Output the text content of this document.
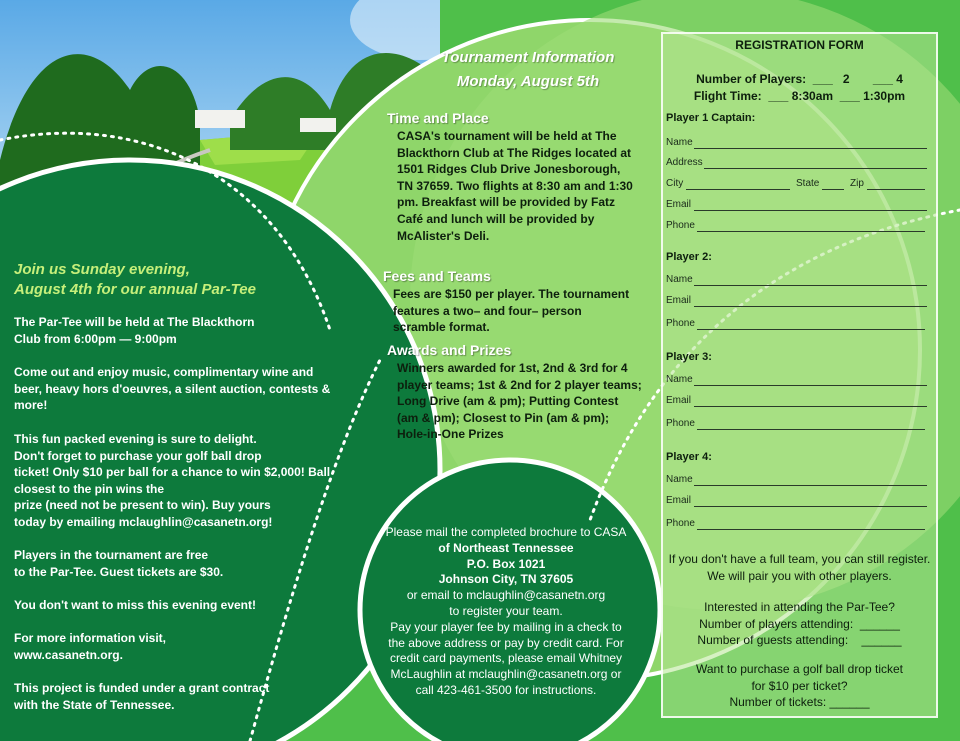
Join us Sunday evening,
August 4th for our annual Par-Tee
The Par-Tee will be held at The Blackthorn
Club from 6:00pm — 9:00pm
Come out and enjoy music, complimentary wine and
beer, heavy hors d'oeuvres, a silent auction, contests &
more!
This fun packed evening is sure to delight.
Don't forget to purchase your golf ball drop
ticket! Only $10 per ball for a chance to win $2,000! Ball
closest to the pin wins the
prize (need not be present to win). Buy yours
today by emailing mclaughlin@casanetn.org!
Players in the tournament are free
to the Par-Tee. Guest tickets are $30.
You don't want to miss this evening event!
For more information visit,
www.casanetn.org.
This project is funded under a grant contract
with the State of Tennessee.
Tournament Information
Monday, August 5th
Time and Place
CASA's tournament will be held at The
Blackthorn Club at The Ridges located at
1501 Ridges Club Drive Jonesborough,
TN 37659. Two flights at 8:30 am and 1:30
pm. Breakfast will be provided by Fatz
Café and lunch will be provided by
McAlister's Deli.
Fees and Teams
Fees are $150 per player. The tournament
features a two– and four– person
scramble format.
Awards and Prizes
Winners awarded for 1st, 2nd & 3rd for 4
player teams; 1st & 2nd for 2 player teams;
Long Drive (am & pm); Putting Contest
(am & pm); Closest to Pin (am & pm);
Hole-in-One Prizes
Please mail the completed brochure to CASA
of Northeast Tennessee
P.O. Box 1021
Johnson City, TN 37605
or email to mclaughlin@casanetn.org
to register your team.
Pay your player fee by mailing in a check to
the above address or pay by credit card. For
credit card payments, please email Whitney
McLaughlin at mclaughlin@casanetn.org or
call 423-461-3500 for instructions.
REGISTRATION FORM
Number of Players:  ___   2       ___ 4
Flight Time:  ___ 8:30am  ___ 1:30pm
Player 1 Captain:
Name
Address
City	State	Zip
Email
Phone
Player 2:
Name
Email
Phone
Player 3:
Name
Email
Phone
Player 4:
Name
Email
Phone
If you don't have a full team, you can still register.
We will pair you with other players.
Interested in attending the Par-Tee?
Number of players attending:  ______
Number of guests attending:    ______
Want to purchase a golf ball drop ticket
for $10 per ticket?
Number of tickets: ______
